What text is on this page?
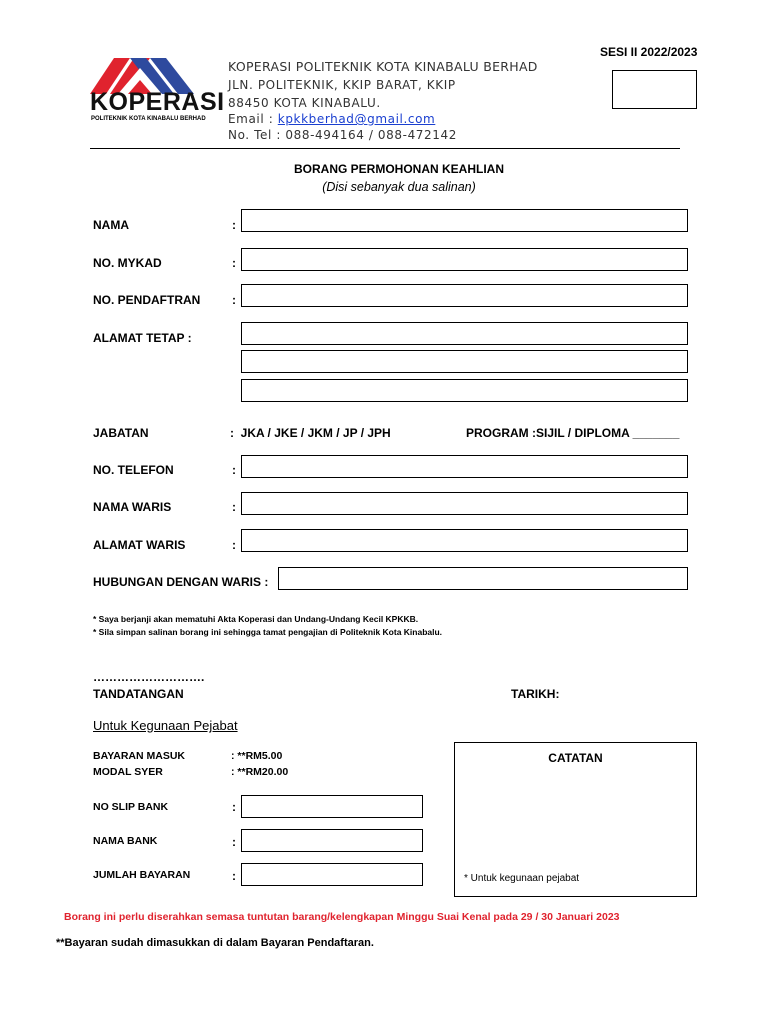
SESI II 2022/2023
KOPERASI
POLITEKNIK KOTA KINABALU BERHAD
KOPERASI POLITEKNIK KOTA KINABALU BERHAD
JLN. POLITEKNIK, KKIP BARAT, KKIP
88450 KOTA KINABALU.
Email : kpkkberhad@gmail.com
No. Tel : 088-494164 / 088-472142
BORANG PERMOHONAN KEAHLIAN
(Disi sebanyak dua salinan)
NAMA	:
NO. MYKAD	:
NO. PENDAFTRAN	:
ALAMAT TETAP :
JABATAN	:  JKA / JKE / JKM / JP / JPH	PROGRAM :SIJIL / DIPLOMA _______
NO. TELEFON	:
NAMA WARIS	:
ALAMAT WARIS	:
HUBUNGAN DENGAN WARIS :
* Saya berjanji akan mematuhi Akta Koperasi dan Undang-Undang Kecil KPKKB.
* Sila simpan salinan borang ini sehingga tamat pengajian di Politeknik Kota Kinabalu.
……………………….
TANDATANGAN	TARIKH:
Untuk Kegunaan Pejabat
BAYARAN MASUK	: **RM5.00
MODAL SYER	: **RM20.00
NO SLIP BANK	:
NAMA BANK	:
JUMLAH BAYARAN	:
CATATAN
* Untuk kegunaan pejabat
Borang ini perlu diserahkan semasa tuntutan barang/kelengkapan Minggu Suai Kenal pada 29 / 30 Januari 2023
**Bayaran sudah dimasukkan di dalam Bayaran Pendaftaran.
